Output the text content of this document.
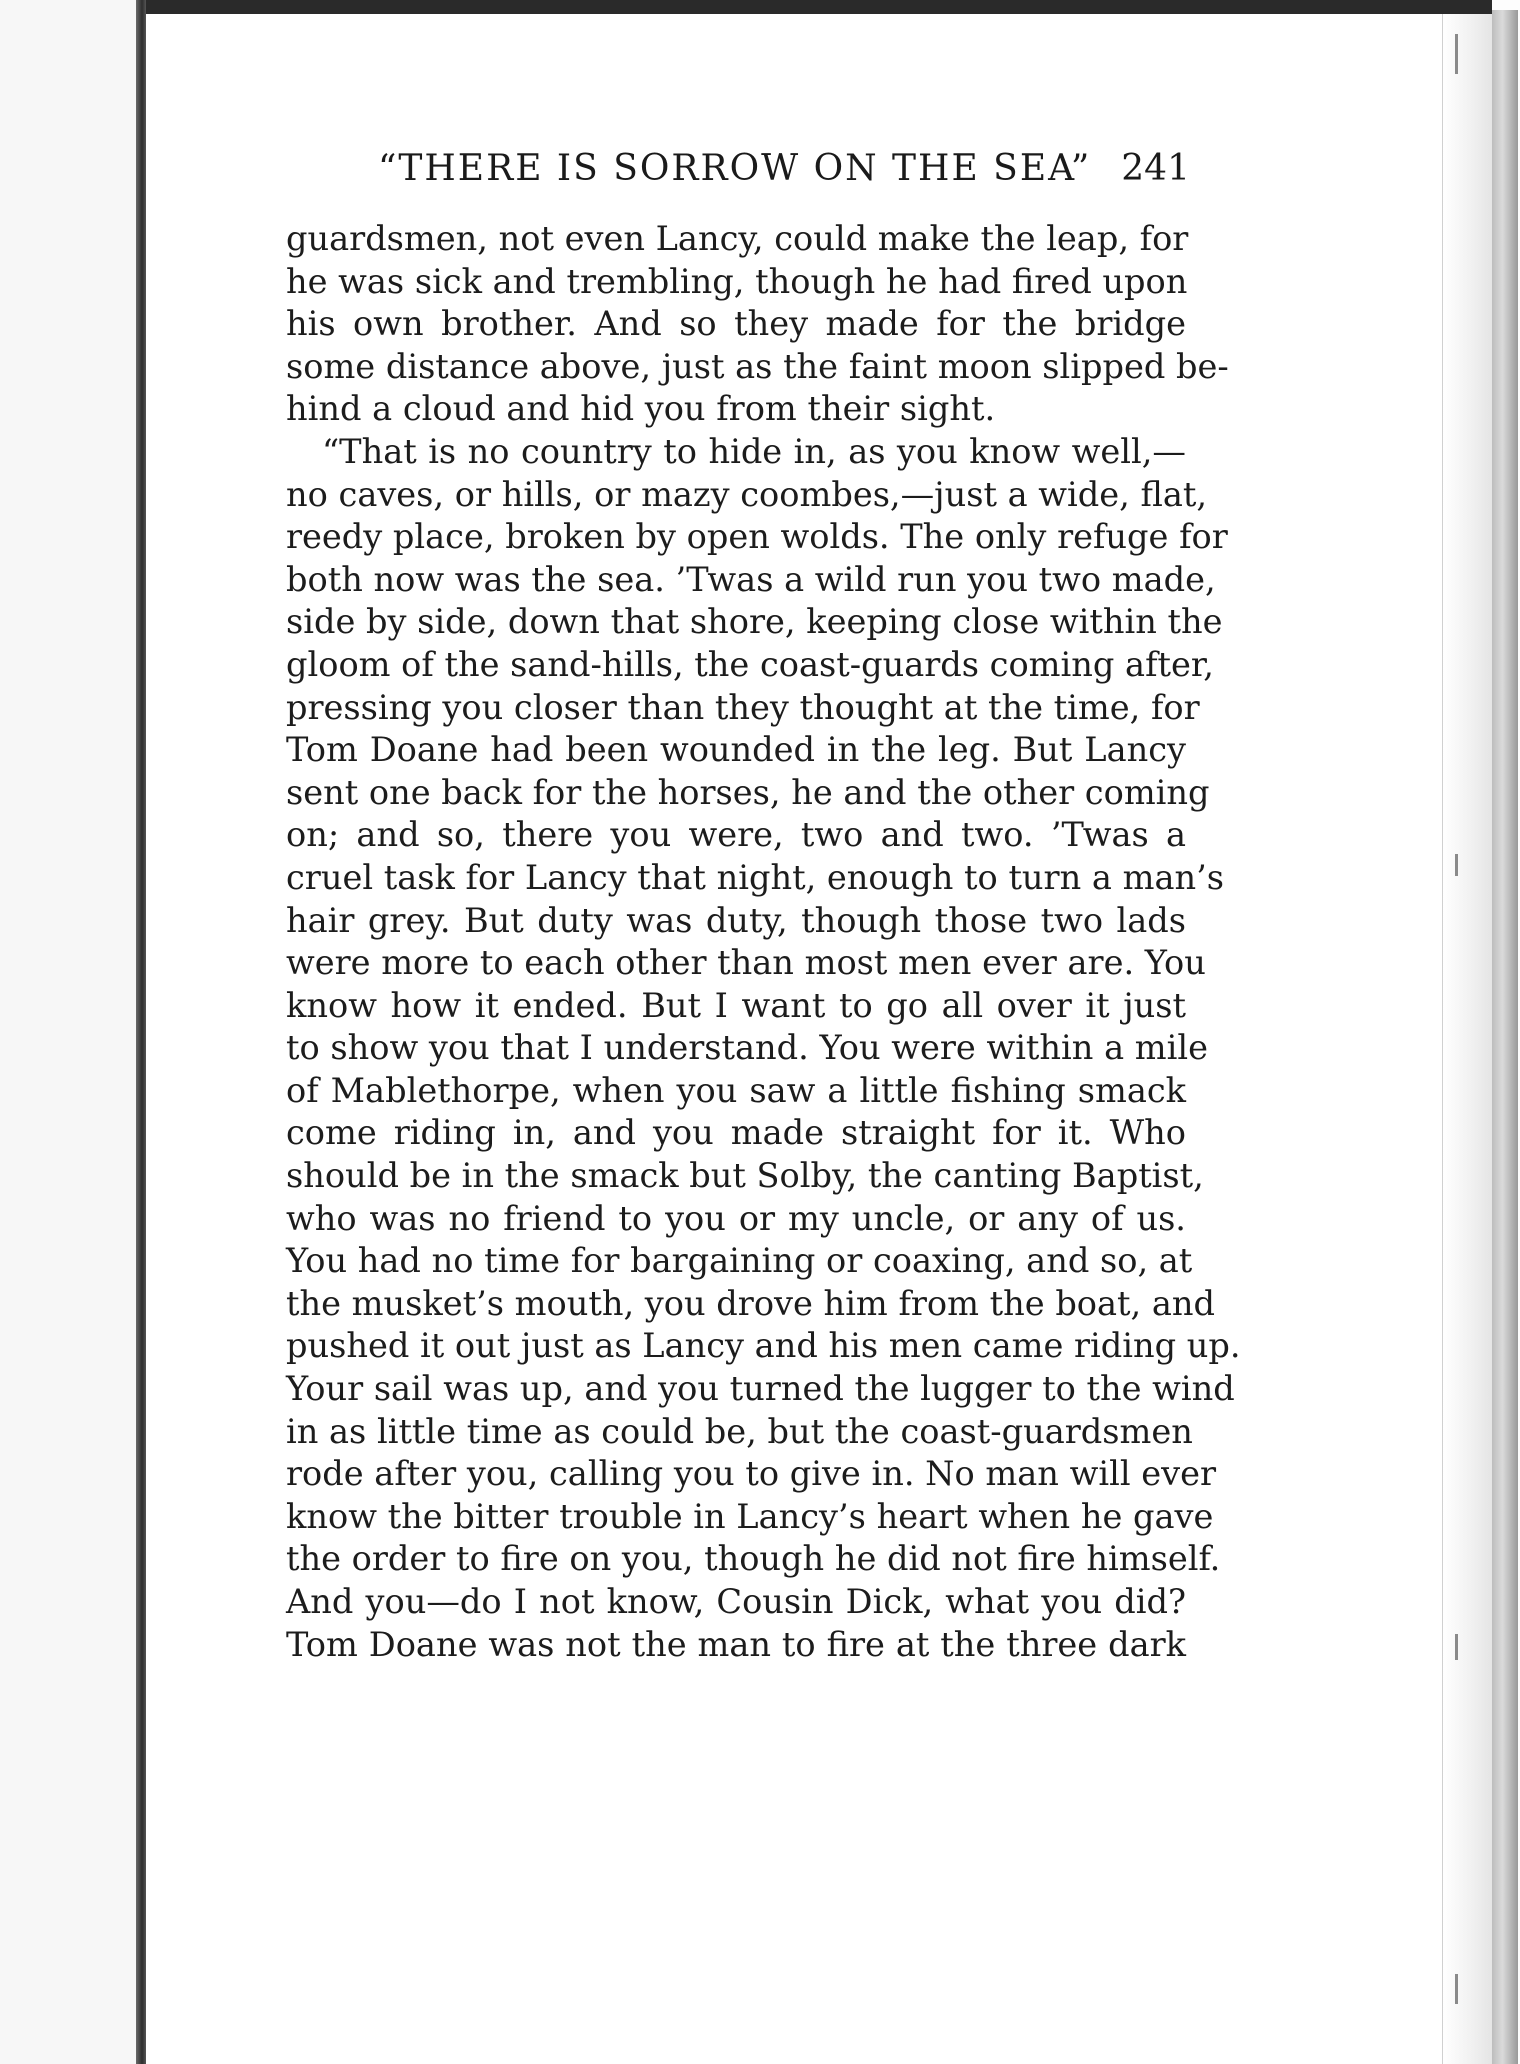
“THERE IS SORROW ON THE SEA” 241
guardsmen, not even Lancy, could make the leap, for
he was sick and trembling, though he had fired upon
his own brother. And so they made for the bridge
some distance above, just as the faint moon slipped be-
hind a cloud and hid you from their sight.
“That is no country to hide in, as you know well,—
no caves, or hills, or mazy coombes,—just a wide, flat,
reedy place, broken by open wolds. The only refuge for
both now was the sea. ’Twas a wild run you two made,
side by side, down that shore, keeping close within the
gloom of the sand-hills, the coast-guards coming after,
pressing you closer than they thought at the time, for
Tom Doane had been wounded in the leg. But Lancy
sent one back for the horses, he and the other coming
on; and so, there you were, two and two. ’Twas a
cruel task for Lancy that night, enough to turn a man’s
hair grey. But duty was duty, though those two lads
were more to each other than most men ever are. You
know how it ended. But I want to go all over it just
to show you that I understand. You were within a mile
of Mablethorpe, when you saw a little fishing smack
come riding in, and you made straight for it. Who
should be in the smack but Solby, the canting Baptist,
who was no friend to you or my uncle, or any of us.
You had no time for bargaining or coaxing, and so, at
the musket’s mouth, you drove him from the boat, and
pushed it out just as Lancy and his men came riding up.
Your sail was up, and you turned the lugger to the wind
in as little time as could be, but the coast-guardsmen
rode after you, calling you to give in. No man will ever
know the bitter trouble in Lancy’s heart when he gave
the order to fire on you, though he did not fire himself.
And you—do I not know, Cousin Dick, what you did?
Tom Doane was not the man to fire at the three dark
